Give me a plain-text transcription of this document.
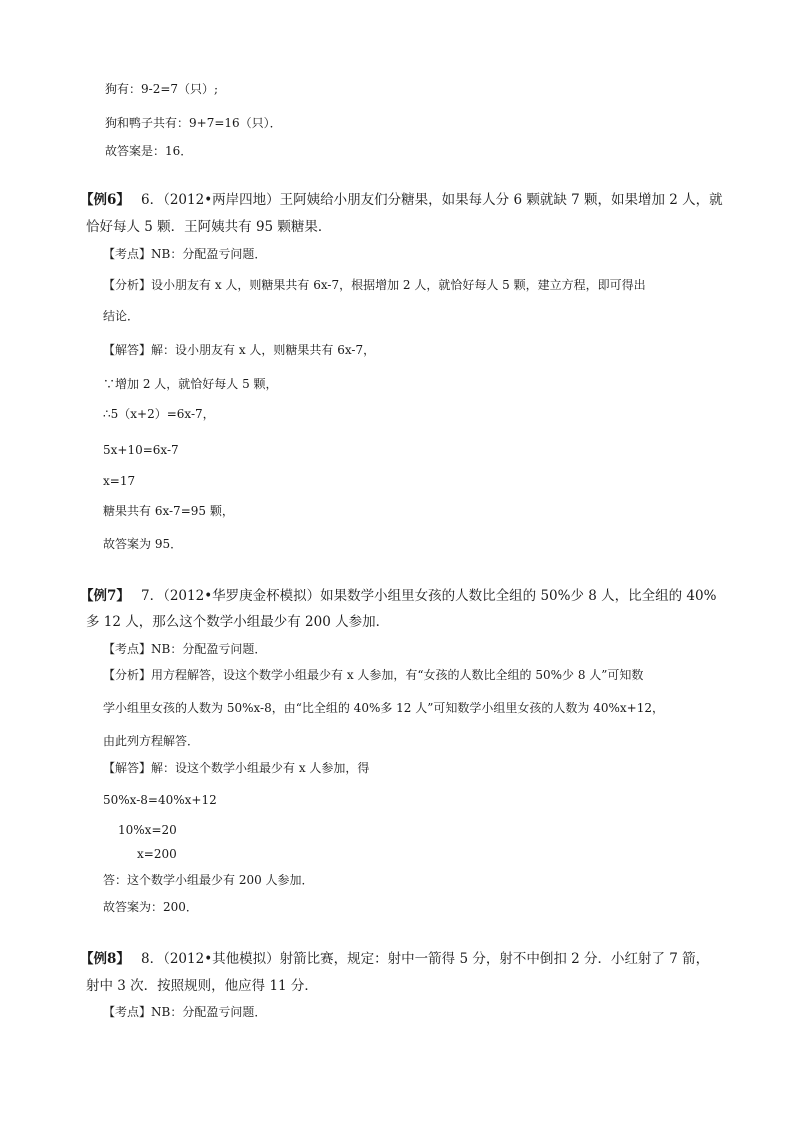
狗有：9-2=7（只）;
狗和鸭子共有：9+7=16（只）．
故答案是：16．
【例6】 6．（2012•两岸四地）王阿姨给小朋友们分糖果，如果每人分 6 颗就缺 7 颗，如果增加 2 人，就
恰好每人 5 颗．王阿姨共有 95 颗糖果．
【考点】NB：分配盈亏问题．
【分析】设小朋友有 x 人，则糖果共有 6x-7，根据增加 2 人，就恰好每人 5 颗，建立方程，即可得出
结论．
【解答】解：设小朋友有 x 人，则糖果共有 6x-7，
∵增加 2 人，就恰好每人 5 颗，
∴5（x+2）=6x-7，
5x+10=6x-7
x=17
糖果共有 6x-7=95 颗，
故答案为 95．
【例7】 7．（2012•华罗庚金杯模拟）如果数学小组里女孩的人数比全组的 50%少 8 人，比全组的 40%
多 12 人，那么这个数学小组最少有 200 人参加．
【考点】NB：分配盈亏问题．
【分析】用方程解答，设这个数学小组最少有 x 人参加，有“女孩的人数比全组的 50%少 8 人”可知数
学小组里女孩的人数为 50%x-8，由“比全组的 40%多 12 人”可知数学小组里女孩的人数为 40%x+12，
由此列方程解答．
【解答】解：设这个数学小组最少有 x 人参加，得
50%x-8=40%x+12
10%x=20
x=200
答：这个数学小组最少有 200 人参加．
故答案为：200．
【例8】 8．（2012•其他模拟）射箭比赛，规定：射中一箭得 5 分，射不中倒扣 2 分．小红射了 7 箭，
射中 3 次．按照规则，他应得 11 分．
【考点】NB：分配盈亏问题．
